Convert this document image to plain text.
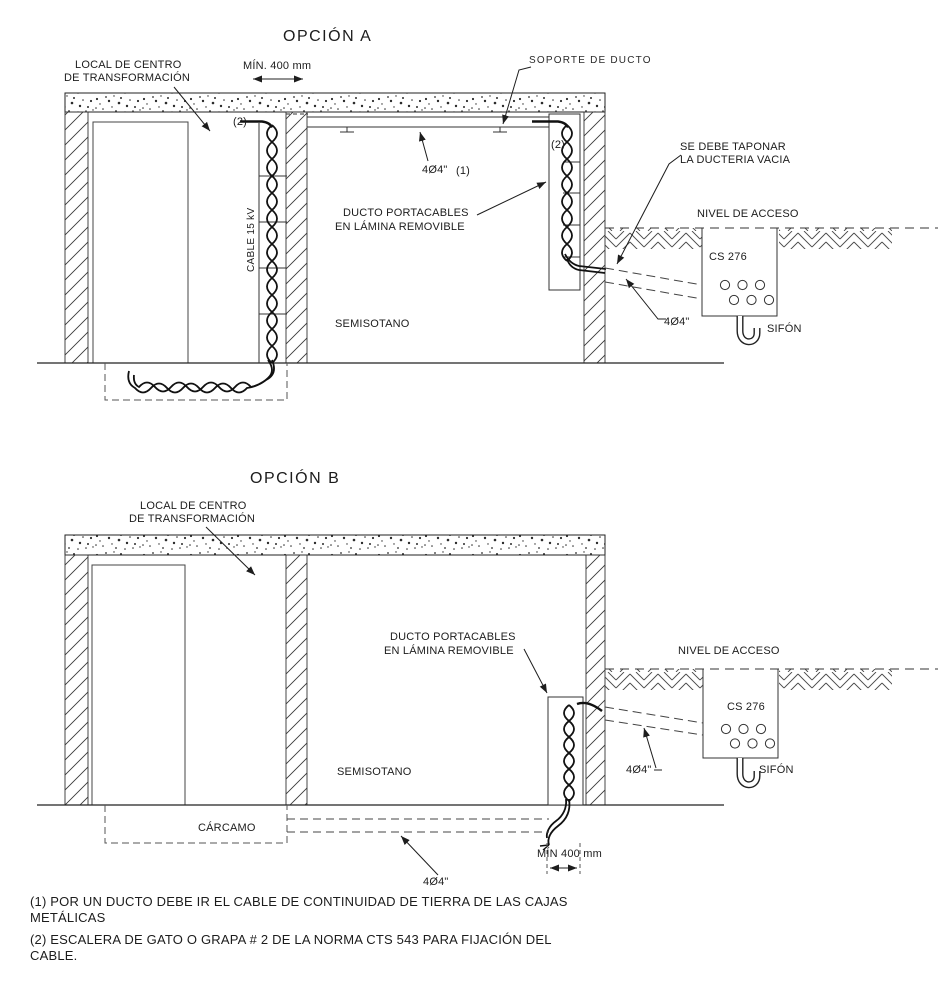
OPCIÓN A
LOCAL DE CENTRO
DE TRANSFORMACIÓN
MÍN. 400 mm
(2)
SOPORTE DE DUCTO
(2)	SE DEBE TAPONAR
LA DUCTERIA VACIA
4Ø4" (1)
NIVEL DE ACCESO
DUCTO PORTACABLES
EN LÁMINA REMOVIBLE
CABLE 15 kV	CS 276
SEMISOTANO	4Ø4"
SIFÓN
OPCIÓN B
LOCAL DE CENTRO
DE TRANSFORMACIÓN
DUCTO PORTACABLES
EN LÁMINA REMOVIBLE	NIVEL DE ACCESO
CS 276
4Ø4"	SIFÓN
SEMISOTANO
CÁRCAMO
MÍN 400 mm
4Ø4"
(1) POR UN DUCTO DEBE IR EL CABLE DE CONTINUIDAD DE TIERRA DE LAS CAJAS
METÁLICAS
(2) ESCALERA DE GATO O GRAPA # 2 DE LA NORMA CTS 543 PARA FIJACIÓN DEL
CABLE.
